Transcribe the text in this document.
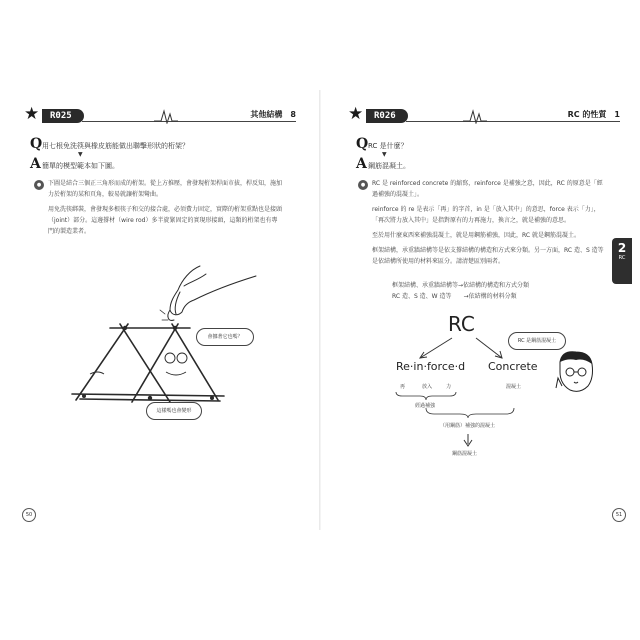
★	R025	其他結構　8
Q 用七根免洗筷與橡皮筋能做出聯擊形狀的桁架？
▼
A 簡單的模型範本如下圖。
●	下圖是結合三個正三角形而成的桁架。從上方推壓，會發現桁架桿面市拔，桿反知，施加力於桁架的某和頁角，較易就讓桁架彎曲。

用免洗筷綁裝，會發現多根筷子和交的接合處，必須費力固定，實際的桁架重點也是接頭（joint）部分。這邊撐材（wire rod）多半旋緊固定的實現形接頭，這類的桁架也有專門的製造業者。

會挪著它也嗎？
這樣嗎也會變形
50
★	R026	RC 的性質　1
Q RC 是什麼？
▼
A 鋼筋混凝土。
●	RC 是 reinforced concrete 的縮寫，reinforce 是補強之意，因此，RC 的原意是「經過補強的混凝土」。

reinforce 的 re 是表示「再」的字首，in 是「放入其中」的意思，force 表示「力」，「再次將力放入其中」是指對原有的力再施力，換言之，就是補強的意思。

至於用什麼東西來補強混凝土，就是用鋼筋補強，因此，RC 就是鋼筋混凝土。

框架結構，承重牆結構等是依支撐結構的構造和方式來分類。另一方面，RC 造、S 造等是依結構所使用的材料來區分。請清楚區別兩者。

框架結構、承重牆結構等→依結構的構造和方式分類
RC 造、S 造、W 造等　　 →依結構的材料分類
RC
Re·in·force·d Concrete
再	放入	力	混凝土
經過補強
（用鋼筋）補強的混凝土
鋼筋混凝土
RC 是鋼筋混凝土
51
2
RC
